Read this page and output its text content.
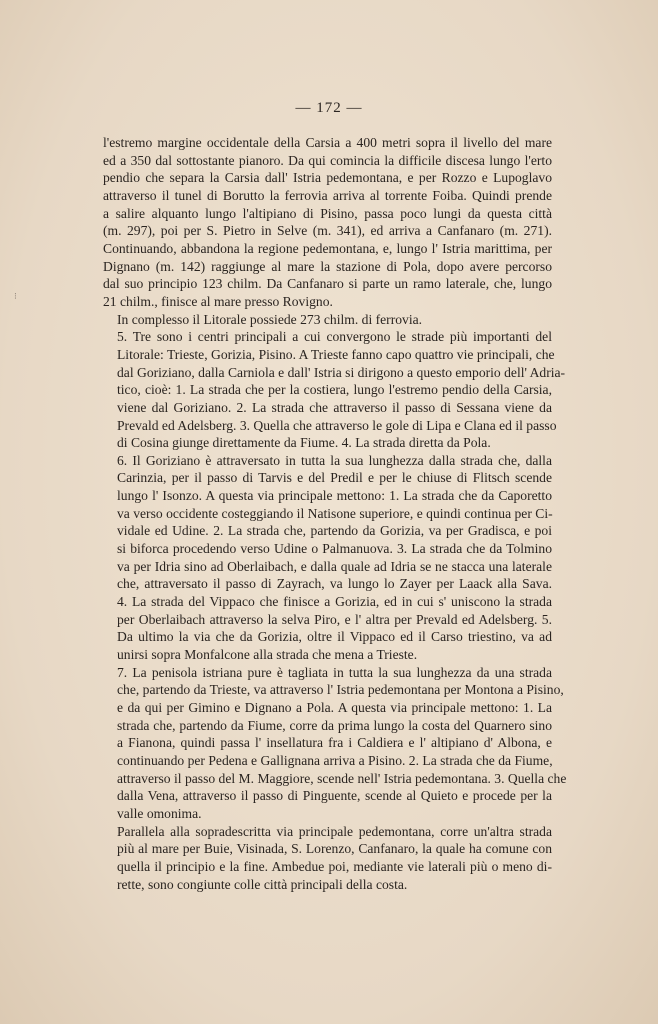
⁝
— 172 —

l'estremo margine occidentale della Carsia a 400 metri sopra il livello del mare
ed a 350 dal sottostante pianoro. Da qui comincia la difficile discesa lungo l'erto
pendio che separa la Carsia dall' Istria pedemontana, e per Rozzo e Lupoglavo
attraverso il tunel di Borutto la ferrovia arriva al torrente Foiba. Quindi prende
a salire alquanto lungo l'altipiano di Pisino, passa poco lungi da questa città
(m. 297), poi per S. Pietro in Selve (m. 341), ed arriva a Canfanaro (m. 271).
Continuando, abbandona la regione pedemontana, e, lungo l' Istria marittima, per
Dignano (m. 142) raggiunge al mare la stazione di Pola, dopo avere percorso
dal suo principio 123 chilm. Da Canfanaro si parte un ramo laterale, che, lungo
21 chilm., finisce al mare presso Rovigno.

In complesso il Litorale possiede 273 chilm. di ferrovia.

5. Tre sono i centri principali a cui convergono le strade più importanti del
Litorale: Trieste, Gorizia, Pisino. A Trieste fanno capo quattro vie principali, che
dal Goriziano, dalla Carniola e dall' Istria si dirigono a questo emporio dell' Adria-
tico, cioè: 1. La strada che per la costiera, lungo l'estremo pendio della Carsia,
viene dal Goriziano. 2. La strada che attraverso il passo di Sessana viene da
Prevald ed Adelsberg. 3. Quella che attraverso le gole di Lipa e Clana ed il passo
di Cosina giunge direttamente da Fiume. 4. La strada diretta da Pola.

6. Il Goriziano è attraversato in tutta la sua lunghezza dalla strada che, dalla
Carinzia, per il passo di Tarvis e del Predil e per le chiuse di Flitsch scende
lungo l' Isonzo. A questa via principale mettono: 1. La strada che da Caporetto
va verso occidente costeggiando il Natisone superiore, e quindi continua per Ci-
vidale ed Udine. 2. La strada che, partendo da Gorizia, va per Gradisca, e poi
si biforca procedendo verso Udine o Palmanuova. 3. La strada che da Tolmino
va per Idria sino ad Oberlaibach, e dalla quale ad Idria se ne stacca una laterale
che, attraversato il passo di Zayrach, va lungo lo Zayer per Laack alla Sava.
4. La strada del Vippaco che finisce a Gorizia, ed in cui s' uniscono la strada
per Oberlaibach attraverso la selva Piro, e l' altra per Prevald ed Adelsberg. 5.
Da ultimo la via che da Gorizia, oltre il Vippaco ed il Carso triestino, va ad
unirsi sopra Monfalcone alla strada che mena a Trieste.

7. La penisola istriana pure è tagliata in tutta la sua lunghezza da una strada
che, partendo da Trieste, va attraverso l' Istria pedemontana per Montona a Pisino,
e da qui per Gimino e Dignano a Pola. A questa via principale mettono: 1. La
strada che, partendo da Fiume, corre da prima lungo la costa del Quarnero sino
a Fianona, quindi passa l' insellatura fra i Caldiera e l' altipiano d' Albona, e
continuando per Pedena e Gallignana arriva a Pisino. 2. La strada che da Fiume,
attraverso il passo del M. Maggiore, scende nell' Istria pedemontana. 3. Quella che
dalla Vena, attraverso il passo di Pinguente, scende al Quieto e procede per la
valle omonima.

Parallela alla sopradescritta via principale pedemontana, corre un'altra strada
più al mare per Buie, Visinada, S. Lorenzo, Canfanaro, la quale ha comune con
quella il principio e la fine. Ambedue poi, mediante vie laterali più o meno di-
rette, sono congiunte colle città principali della costa.
